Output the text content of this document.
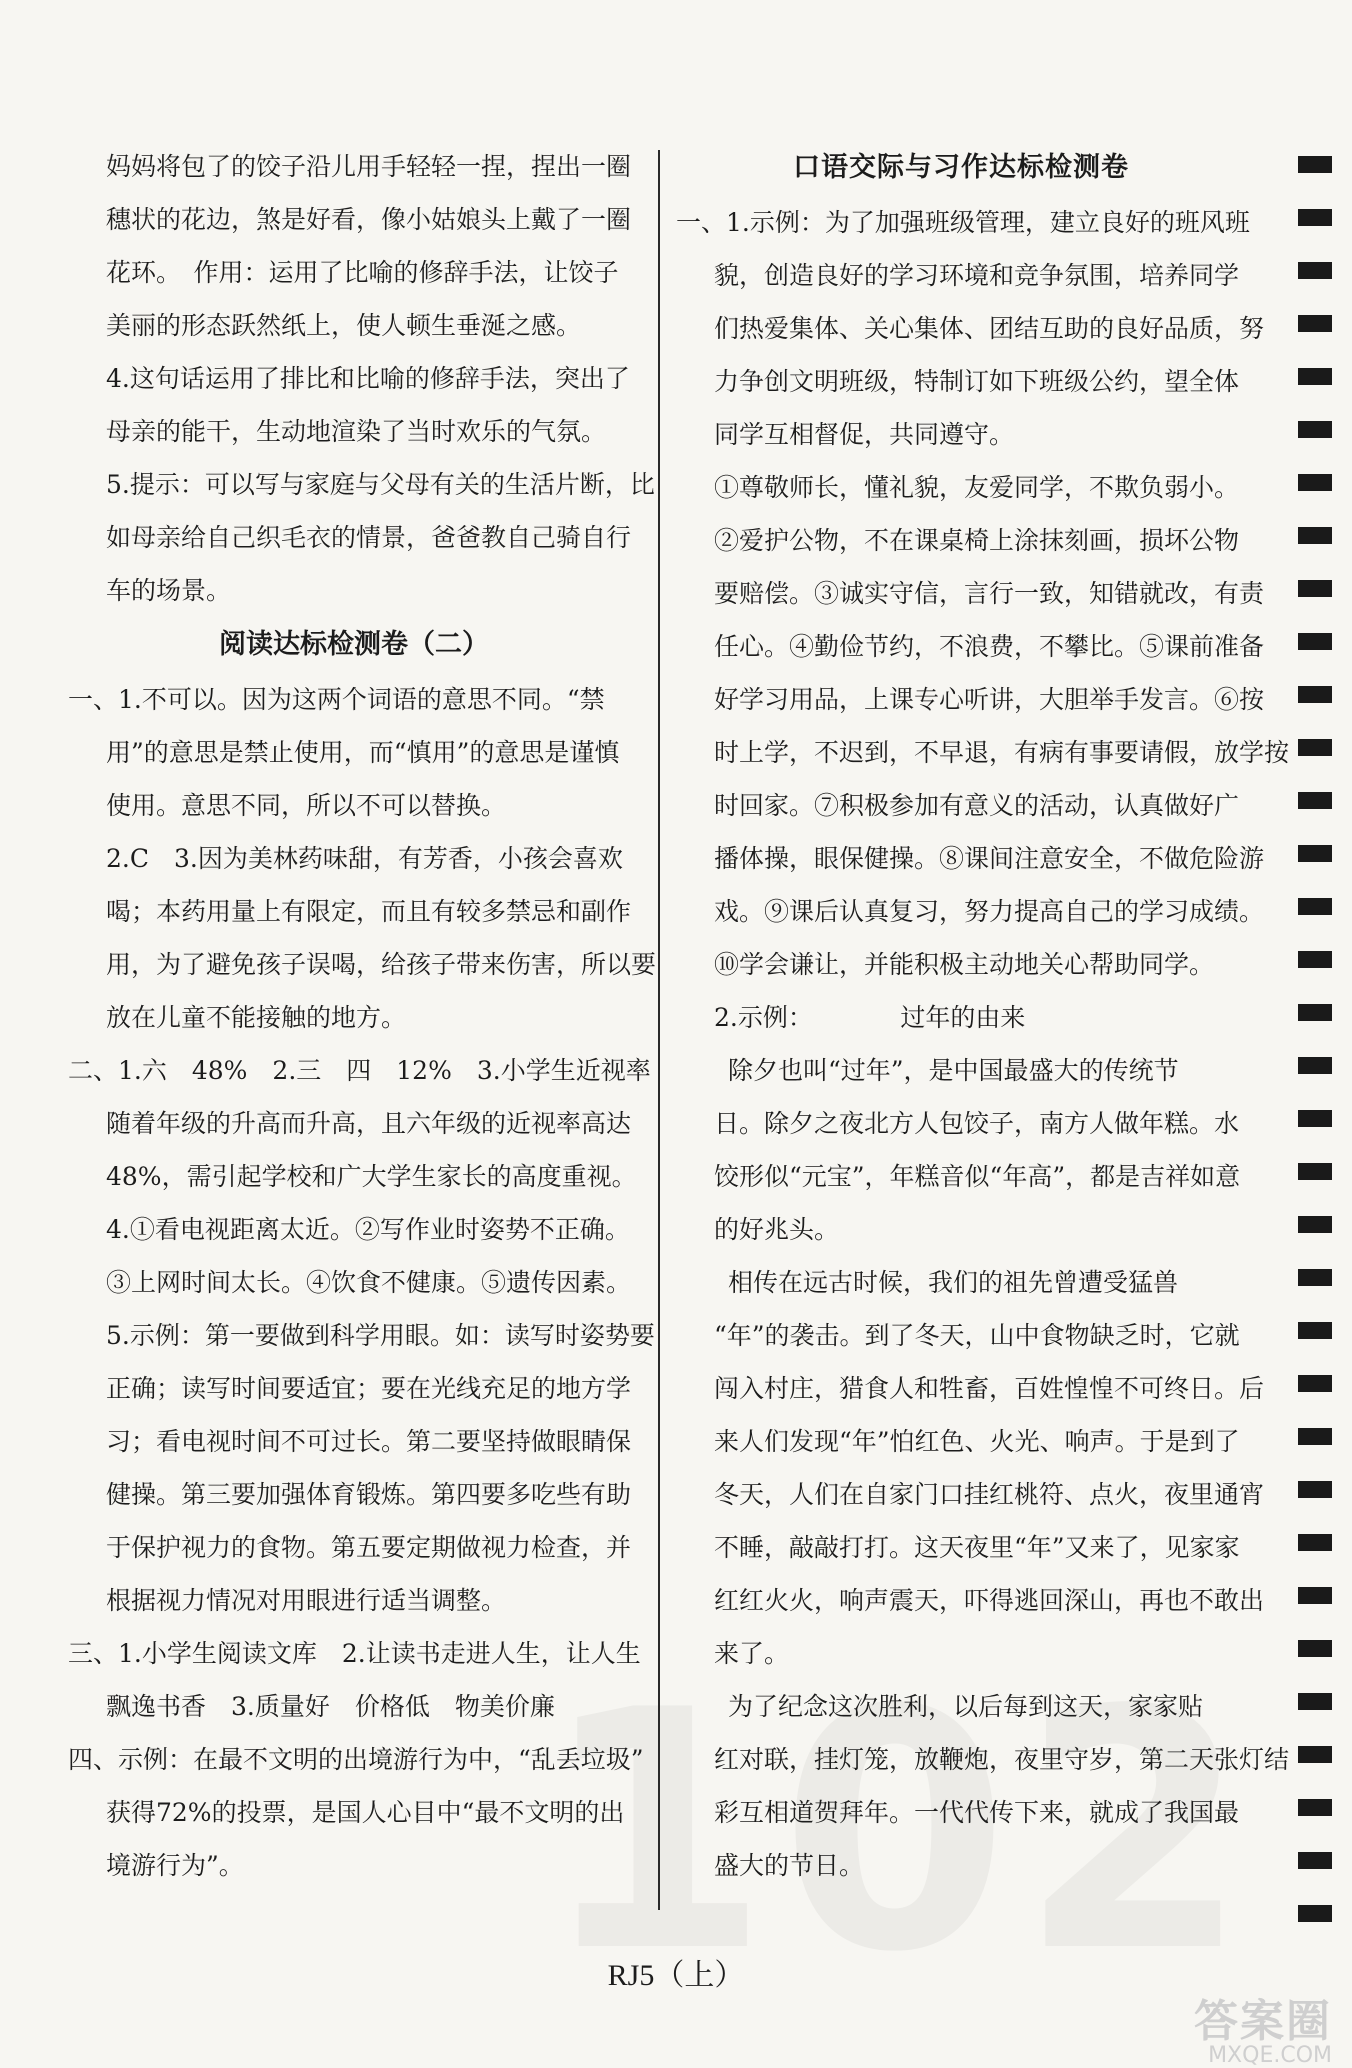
妈妈将包了的饺子沿儿用手轻轻一捏，捏出一圈
穗状的花边，煞是好看，像小姑娘头上戴了一圈
花环。　作用：运用了比喻的修辞手法，让饺子
美丽的形态跃然纸上，使人顿生垂涎之感。
4.这句话运用了排比和比喻的修辞手法，突出了
母亲的能干，生动地渲染了当时欢乐的气氛。
5.提示：可以写与家庭与父母有关的生活片断，比
如母亲给自己织毛衣的情景，爸爸教自己骑自行
车的场景。
阅读达标检测卷（二）
一、1.不可以。因为这两个词语的意思不同。“禁
用”的意思是禁止使用，而“慎用”的意思是谨慎
使用。意思不同，所以不可以替换。
2.C　3.因为美林药味甜，有芳香，小孩会喜欢
喝；本药用量上有限定，而且有较多禁忌和副作
用，为了避免孩子误喝，给孩子带来伤害，所以要
放在儿童不能接触的地方。
二、1.六　48%　2.三　四　12%　3.小学生近视率
随着年级的升高而升高，且六年级的近视率高达
48%，需引起学校和广大学生家长的高度重视。
4.①看电视距离太近。②写作业时姿势不正确。
③上网时间太长。④饮食不健康。⑤遗传因素。
5.示例：第一要做到科学用眼。如：读写时姿势要
正确；读写时间要适宜；要在光线充足的地方学
习；看电视时间不可过长。第二要坚持做眼睛保
健操。第三要加强体育锻炼。第四要多吃些有助
于保护视力的食物。第五要定期做视力检查，并
根据视力情况对用眼进行适当调整。
三、1.小学生阅读文库　2.让读书走进人生，让人生
飘逸书香　3.质量好　价格低　物美价廉
四、示例：在最不文明的出境游行为中，“乱丢垃圾”
获得72%的投票，是国人心目中“最不文明的出
境游行为”。
口语交际与习作达标检测卷
一、1.示例：为了加强班级管理，建立良好的班风班
貌，创造良好的学习环境和竞争氛围，培养同学
们热爱集体、关心集体、团结互助的良好品质，努
力争创文明班级，特制订如下班级公约，望全体
同学互相督促，共同遵守。
①尊敬师长，懂礼貌，友爱同学，不欺负弱小。
②爱护公物，不在课桌椅上涂抹刻画，损坏公物
要赔偿。③诚实守信，言行一致，知错就改，有责
任心。④勤俭节约，不浪费，不攀比。⑤课前准备
好学习用品，上课专心听讲，大胆举手发言。⑥按
时上学，不迟到，不早退，有病有事要请假，放学按
时回家。⑦积极参加有意义的活动，认真做好广
播体操，眼保健操。⑧课间注意安全，不做危险游
戏。⑨课后认真复习，努力提高自己的学习成绩。
⑩学会谦让，并能积极主动地关心帮助同学。
2.示例：　　　　过年的由来
除夕也叫“过年”，是中国最盛大的传统节
日。除夕之夜北方人包饺子，南方人做年糕。水
饺形似“元宝”，年糕音似“年高”，都是吉祥如意
的好兆头。
相传在远古时候，我们的祖先曾遭受猛兽
“年”的袭击。到了冬天，山中食物缺乏时，它就
闯入村庄，猎食人和牲畜，百姓惶惶不可终日。后
来人们发现“年”怕红色、火光、响声。于是到了
冬天，人们在自家门口挂红桃符、点火，夜里通宵
不睡，敲敲打打。这天夜里“年”又来了，见家家
红红火火，响声震天，吓得逃回深山，再也不敢出
来了。
为了纪念这次胜利，以后每到这天，家家贴
红对联，挂灯笼，放鞭炮，夜里守岁，第二天张灯结
彩互相道贺拜年。一代代传下来，就成了我国最
盛大的节日。
RJ5（上）
答案圈
MXQE.COM
